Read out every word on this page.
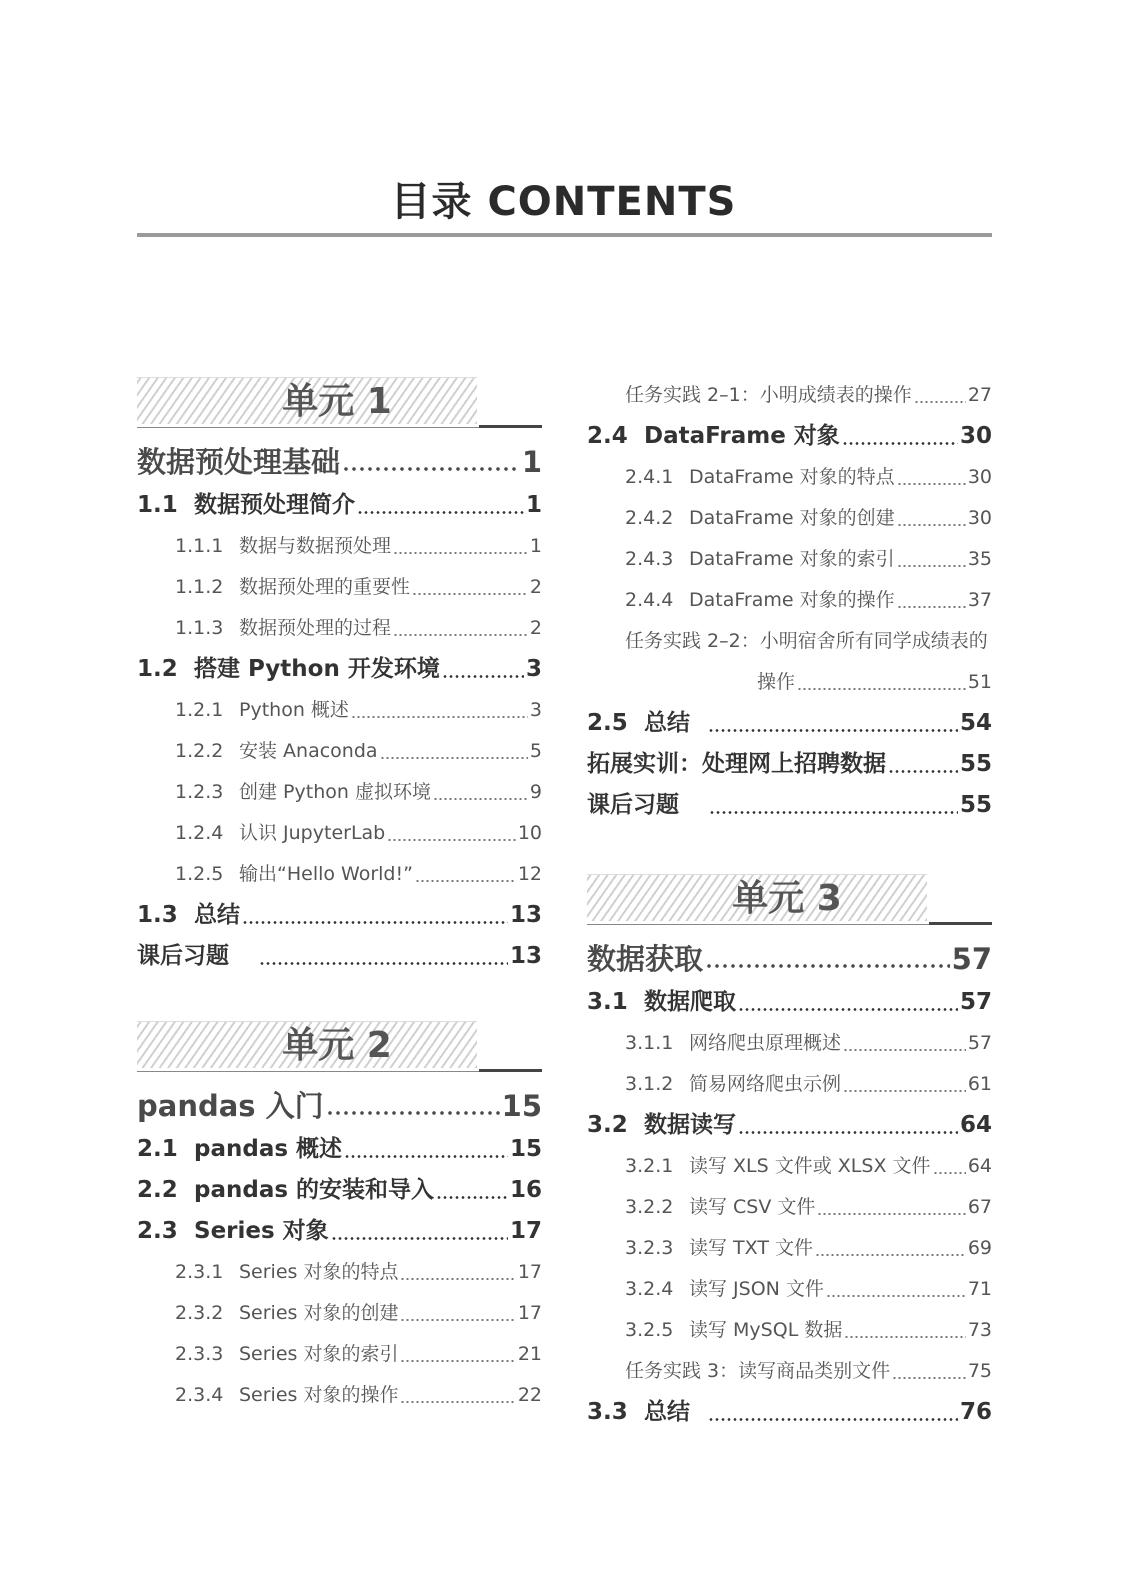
目录 CONTENTS
单元 1
数据预处理基础	1
1.1 数据预处理简介	1
1.1.1 数据与数据预处理	1
1.1.2 数据预处理的重要性	2
1.1.3 数据预处理的过程	2
1.2 搭建 Python 开发环境	3
1.2.1 Python 概述	3
1.2.2 安装 Anaconda	5
1.2.3 创建 Python 虚拟环境	9
1.2.4 认识 JupyterLab	10
1.2.5 输出“Hello World!”	12
1.3 总结	13
课后习题	13
单元 2
pandas 入门	15
2.1 pandas 概述	15
2.2 pandas 的安装和导入	16
2.3 Series 对象	17
2.3.1 Series 对象的特点	17
2.3.2 Series 对象的创建	17
2.3.3 Series 对象的索引	21
2.3.4 Series 对象的操作	22
任务实践 2–1：小明成绩表的操作	27
2.4 DataFrame 对象	30
2.4.1 DataFrame 对象的特点	30
2.4.2 DataFrame 对象的创建	30
2.4.3 DataFrame 对象的索引	35
2.4.4 DataFrame 对象的操作	37
任务实践 2–2：小明宿舍所有同学成绩表的
操作	51
2.5 总结	54
拓展实训：处理网上招聘数据	55
课后习题	55
单元 3
数据获取	57
3.1 数据爬取	57
3.1.1 网络爬虫原理概述	57
3.1.2 简易网络爬虫示例	61
3.2 数据读写	64
3.2.1 读写 XLS 文件或 XLSX 文件 64
3.2.2 读写 CSV 文件	67
3.2.3 读写 TXT 文件	69
3.2.4 读写 JSON 文件	71
3.2.5 读写 MySQL 数据	73
任务实践 3：读写商品类别文件	75
3.3 总结	76
